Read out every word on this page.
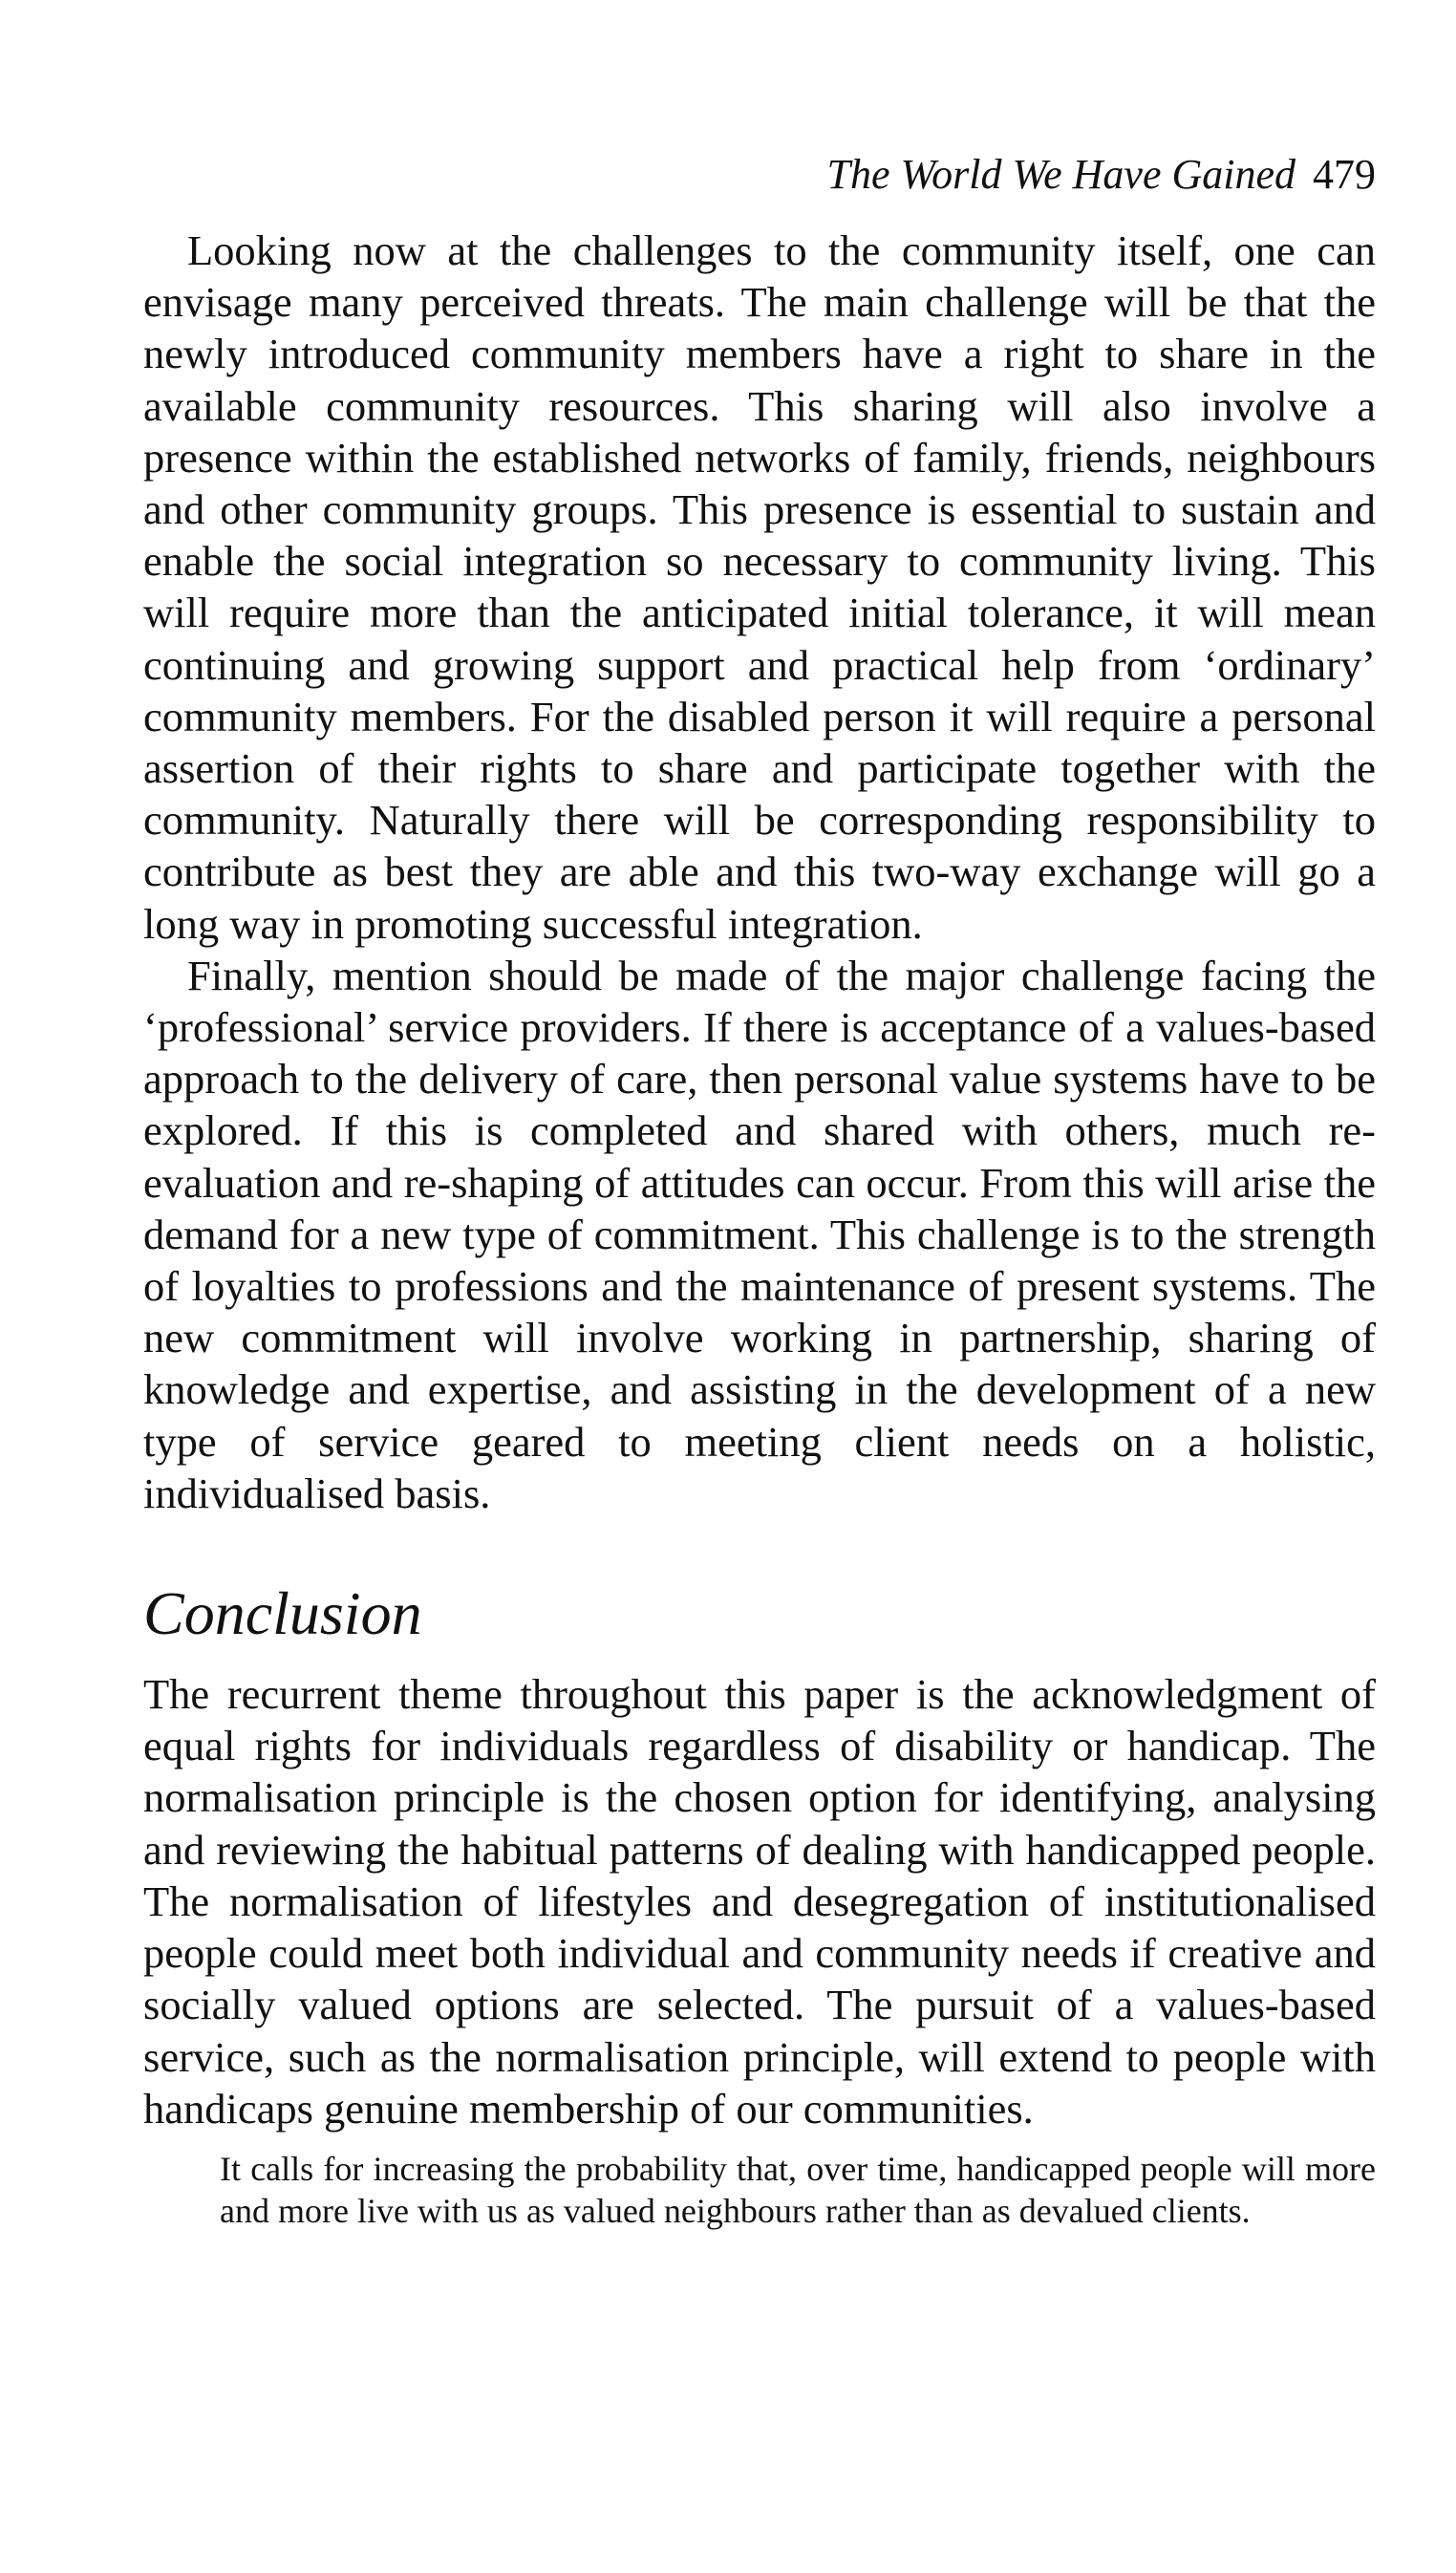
The World We Have Gained 479

Looking now at the challenges to the community itself, one can envisage many perceived threats. The main challenge will be that the newly introduced community members have a right to share in the available community resources. This sharing will also involve a presence within the established networks of family, friends, neighbours and other community groups. This presence is essential to sustain and enable the social integration so necessary to community living. This will require more than the anticipated initial tolerance, it will mean continuing and growing support and practical help from ‘ordinary’ community members. For the disabled person it will require a personal assertion of their rights to share and participate together with the community. Naturally there will be corresponding responsibility to contribute as best they are able and this two-way exchange will go a long way in promoting successful integration.

Finally, mention should be made of the major challenge facing the ‘professional’ service providers. If there is acceptance of a values-based approach to the delivery of care, then personal value systems have to be explored. If this is completed and shared with others, much re-evaluation and re-shaping of attitudes can occur. From this will arise the demand for a new type of commitment. This challenge is to the strength of loyalties to professions and the maintenance of present systems. The new commitment will involve working in partnership, sharing of knowledge and expertise, and assisting in the development of a new type of service geared to meeting client needs on a holistic, individualised basis.

Conclusion

The recurrent theme throughout this paper is the acknowledgment of equal rights for individuals regardless of disability or handicap. The normalisation principle is the chosen option for identifying, analysing and reviewing the habitual patterns of dealing with handicapped people. The normalisation of lifestyles and desegregation of institutionalised people could meet both individual and community needs if creative and socially valued options are selected. The pursuit of a values-based service, such as the normalisation principle, will extend to people with handicaps genuine membership of our communities.

It calls for increasing the probability that, over time, handicapped people will more and more live with us as valued neighbours rather than as devalued clients.
